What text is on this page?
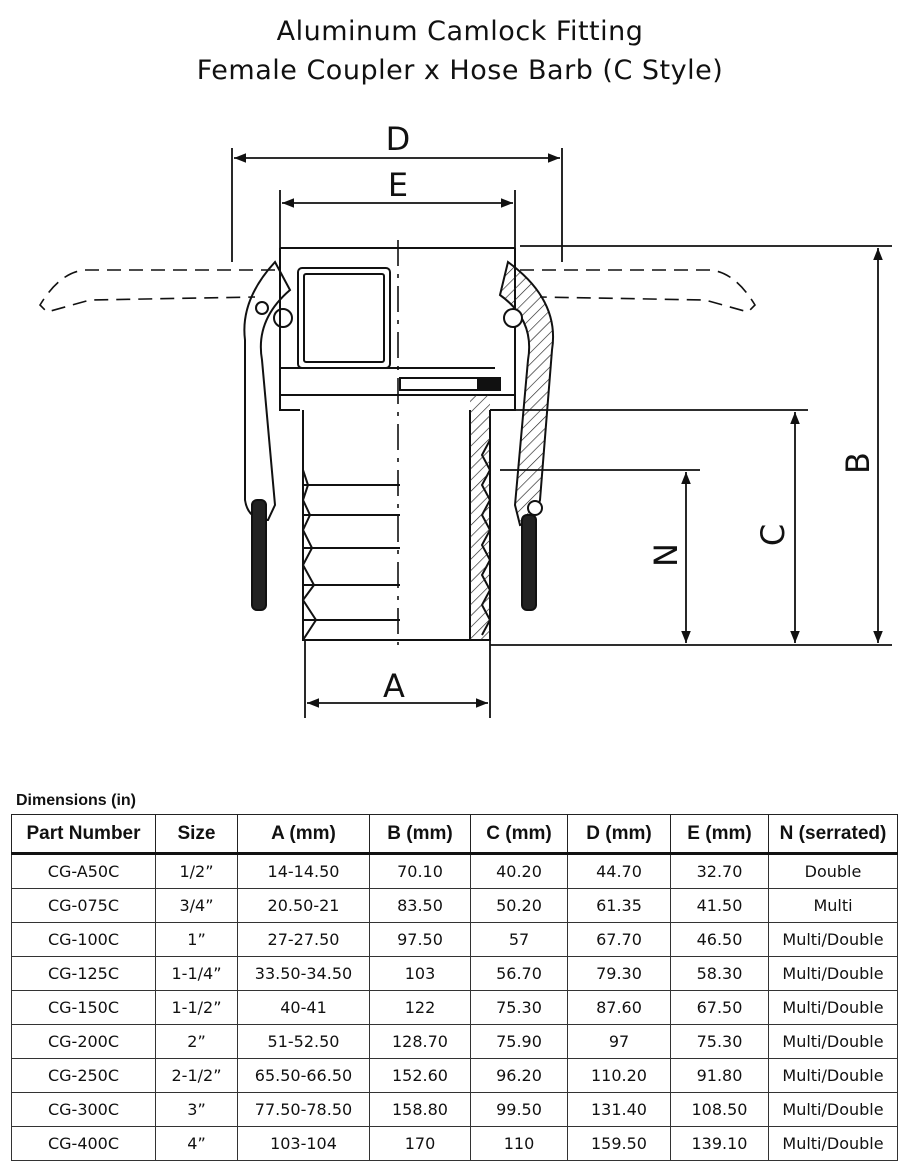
Aluminum Camlock Fitting
Female Coupler x Hose Barb (C Style)
D
E
A
B
C
N
Dimensions (in)
Part Number	Size	A (mm)	B (mm)	C (mm)	D (mm)	E (mm)	N (serrated)
CG-A50C	1/2”	14-14.50	70.10	40.20	44.70	32.70	Double
CG-075C	3/4”	20.50-21	83.50	50.20	61.35	41.50	Multi
CG-100C	1”	27-27.50	97.50	57	67.70	46.50	Multi/Double
CG-125C	1-1/4”	33.50-34.50	103	56.70	79.30	58.30	Multi/Double
CG-150C	1-1/2”	40-41	122	75.30	87.60	67.50	Multi/Double
CG-200C	2”	51-52.50	128.70	75.90	97	75.30	Multi/Double
CG-250C	2-1/2”	65.50-66.50	152.60	96.20	110.20	91.80	Multi/Double
CG-300C	3”	77.50-78.50	158.80	99.50	131.40	108.50	Multi/Double
CG-400C	4”	103-104	170	110	159.50	139.10	Multi/Double
